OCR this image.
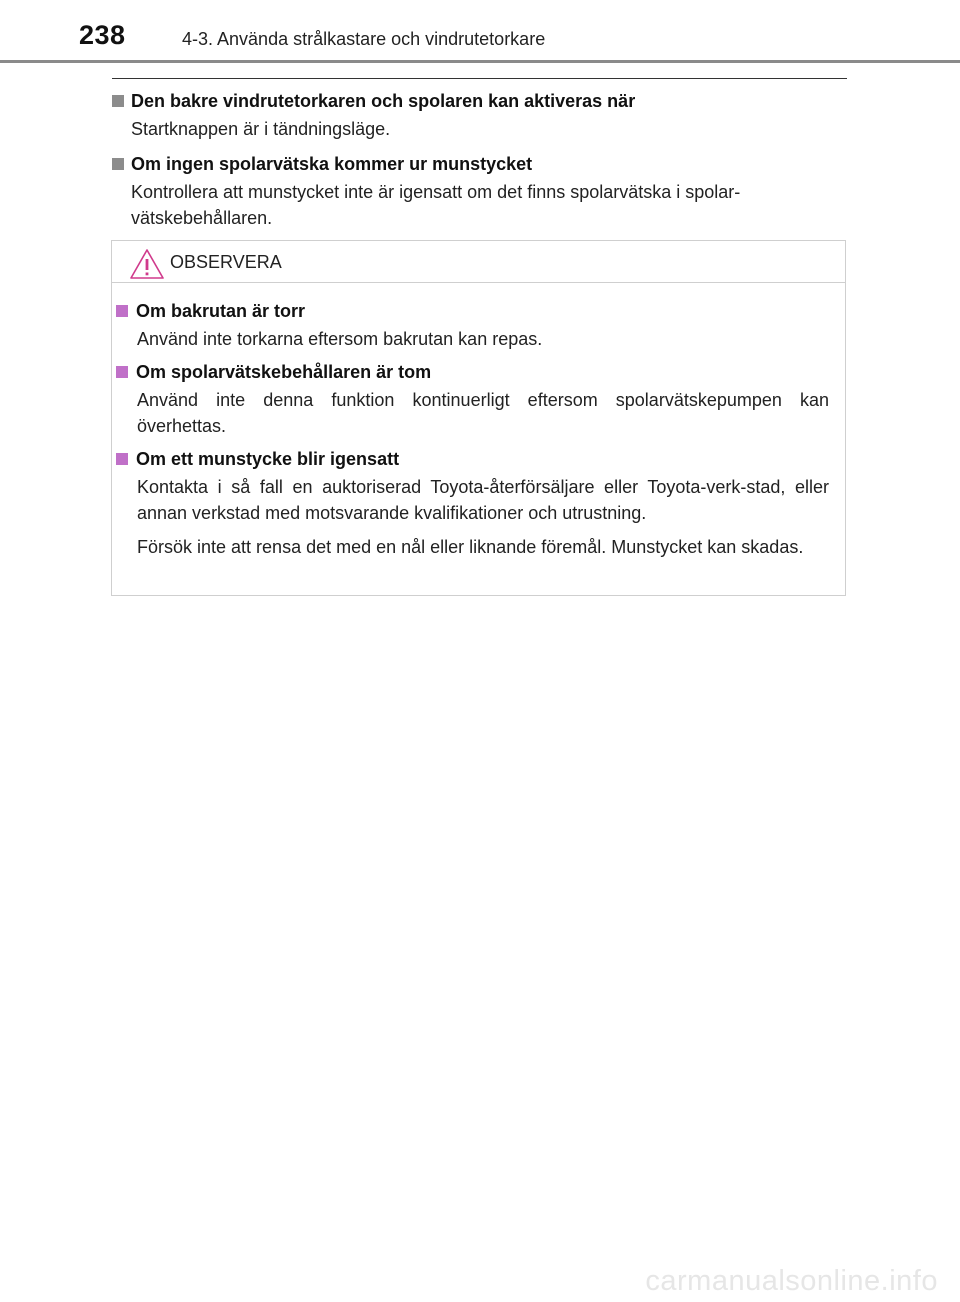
238	4-3. Använda strålkastare och vindrutetorkare
Den bakre vindrutetorkaren och spolaren kan aktiveras när
Startknappen är i tändningsläge.
Om ingen spolarvätska kommer ur munstycket
Kontrollera att munstycket inte är igensatt om det finns spolarvätska i spolar-vätskebehållaren.
OBSERVERA
Om bakrutan är torr
Använd inte torkarna eftersom bakrutan kan repas.
Om spolarvätskebehållaren är tom
Använd inte denna funktion kontinuerligt eftersom spolarvätskepumpen kan överhettas.
Om ett munstycke blir igensatt
Kontakta i så fall en auktoriserad Toyota-återförsäljare eller Toyota-verk-stad, eller annan verkstad med motsvarande kvalifikationer och utrustning.
Försök inte att rensa det med en nål eller liknande föremål. Munstycket kan skadas.
carmanualsonline.info
